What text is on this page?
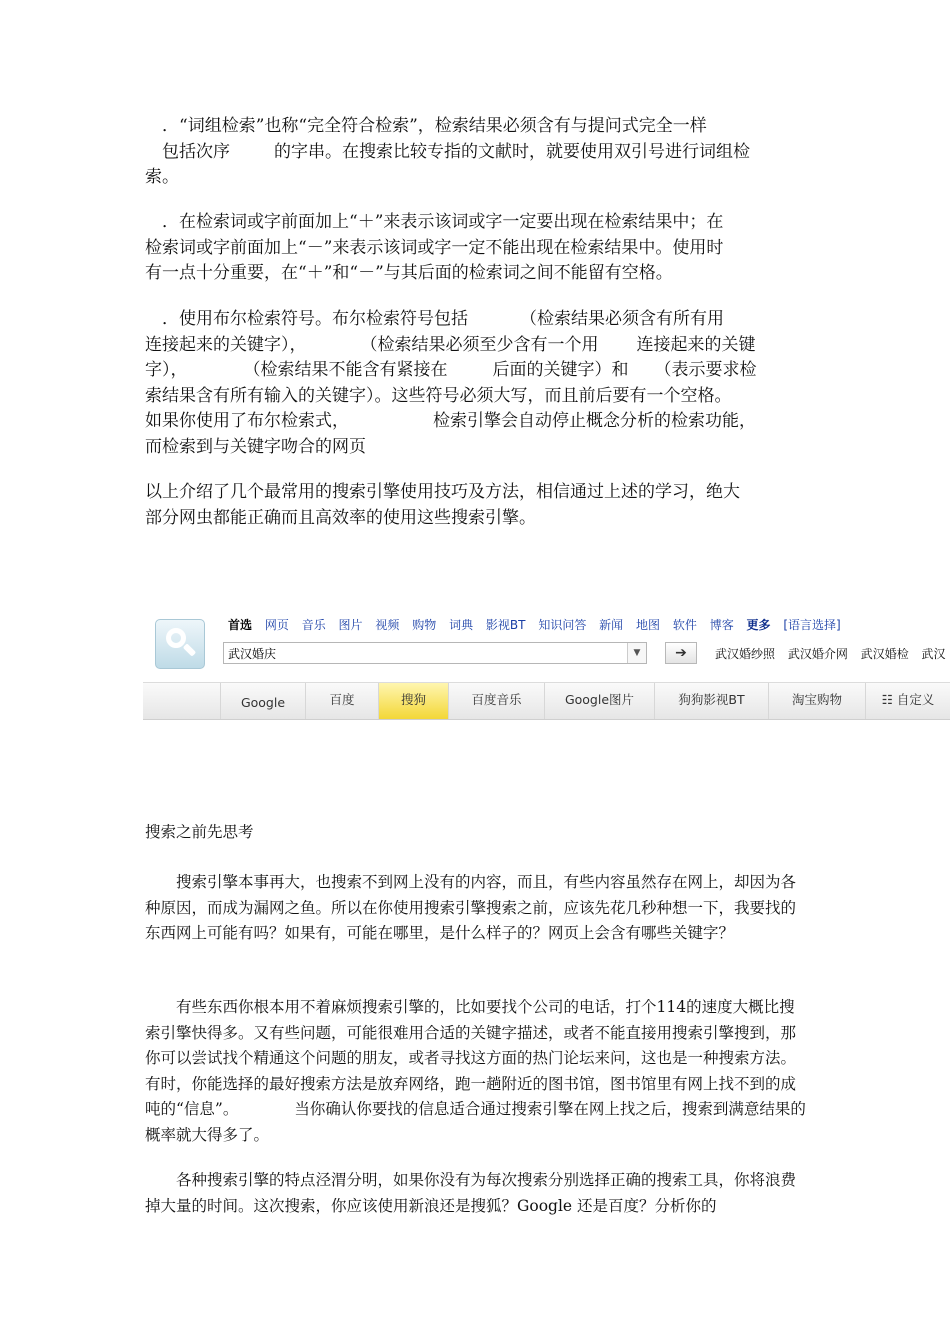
．“词组检索”也称“完全符合检索”，检索结果必须含有与提问式完全一样
包括次序	的字串。在搜索比较专指的文献时，就要使用双引号进行词组检
索。
．在检索词或字前面加上“＋”来表示该词或字一定要出现在检索结果中；在
检索词或字前面加上“－”来表示该词或字一定不能出现在检索结果中。使用时
有一点十分重要，在“＋”和“－”与其后面的检索词之间不能留有空格。
．使用布尔检索符号。布尔检索符号包括	（检索结果必须含有所有用
连接起来的关键字），	（检索结果必须至少含有一个用 连接起来的关键
字），	（检索结果不能含有紧接在	后面的关键字）和 （表示要求检
索结果含有所有输入的关键字）。这些符号必须大写，而且前后要有一个空格。
如果你使用了布尔检索式，	检索引擎会自动停止概念分析的检索功能，
而检索到与关键字吻合的网页
以上介绍了几个最常用的搜索引擎使用技巧及方法，相信通过上述的学习，绝大
部分网虫都能正确而且高效率的使用这些搜索引擎。
首选 网页 音乐 图片 视频 购物 词典 影视BT 知识问答 新闻 地图 软件 博客 更多 [语言选择]
武汉婚庆
▼	➔	武汉婚纱照 武汉婚介网 武汉婚检 武汉
Google	百度	搜狗	百度音乐	Google图片	狗狗影视BT	淘宝购物	☷ 自定义
搜索之前先思考
搜索引擎本事再大，也搜索不到网上没有的内容，而且，有些内容虽然存在网上，却因为各种原因，而成为漏网之鱼。所以在你使用搜索引擎搜索之前，应该先花几秒种想一下，我要找的东西网上可能有吗？如果有，可能在哪里，是什么样子的？网页上会含有哪些关键字？
有些东西你根本用不着麻烦搜索引擎的，比如要找个公司的电话，打个114的速度大概比搜索引擎快得多。又有些问题，可能很难用合适的关键字描述，或者不能直接用搜索引擎搜到，那你可以尝试找个精通这个问题的朋友，或者寻找这方面的热门论坛来问，这也是一种搜索方法。有时，你能选择的最好搜索方法是放弃网络，跑一趟附近的图书馆，图书馆里有网上找不到的成吨的“信息”。	当你确认你要找的信息适合通过搜索引擎在网上找之后，搜索到满意结果的概率就大得多了。
各种搜索引擎的特点泾渭分明，如果你没有为每次搜索分别选择正确的搜索工具，你将浪费掉大量的时间。这次搜索，你应该使用新浪还是搜狐？Google 还是百度？分析你的
